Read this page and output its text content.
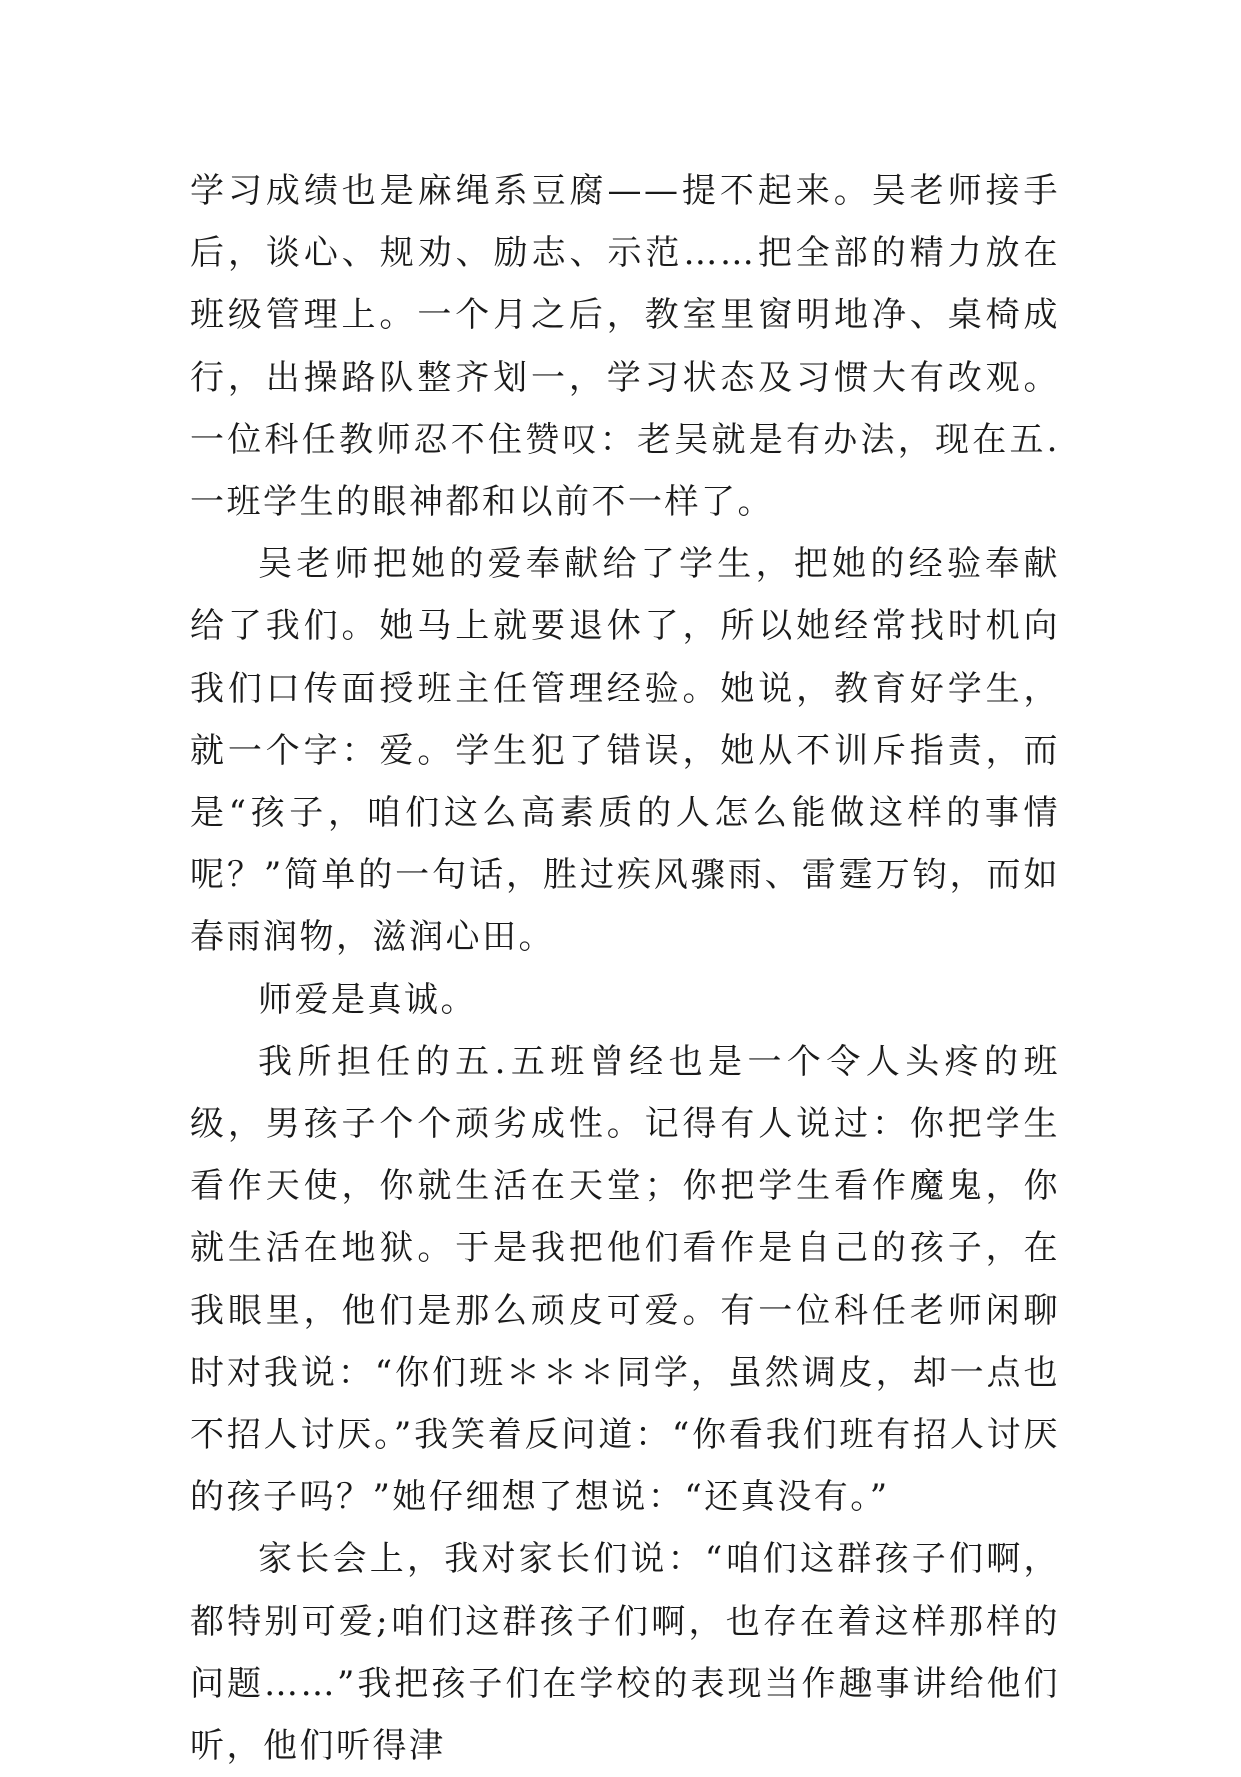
学习成绩也是麻绳系豆腐——提不起来。吴老师接手后，谈心、规劝、励志、示范……把全部的精力放在班级管理上。一个月之后，教室里窗明地净、桌椅成行，出操路队整齐划一，学习状态及习惯大有改观。一位科任教师忍不住赞叹：老吴就是有办法，现在五.一班学生的眼神都和以前不一样了。

吴老师把她的爱奉献给了学生，把她的经验奉献给了我们。她马上就要退休了，所以她经常找时机向我们口传面授班主任管理经验。她说，教育好学生，就一个字：爱。学生犯了错误，她从不训斥指责，而是“孩子，咱们这么高素质的人怎么能做这样的事情呢？”简单的一句话，胜过疾风骤雨、雷霆万钧，而如春雨润物，滋润心田。

师爱是真诚。

我所担任的五.五班曾经也是一个令人头疼的班级，男孩子个个顽劣成性。记得有人说过：你把学生看作天使，你就生活在天堂；你把学生看作魔鬼，你就生活在地狱。于是我把他们看作是自己的孩子，在我眼里，他们是那么顽皮可爱。有一位科任老师闲聊时对我说：“你们班＊＊＊同学，虽然调皮，却一点也不招人讨厌。”我笑着反问道：“你看我们班有招人讨厌的孩子吗？”她仔细想了想说：“还真没有。”

家长会上，我对家长们说：“咱们这群孩子们啊，都特别可爱;咱们这群孩子们啊，也存在着这样那样的问题……”我把孩子们在学校的表现当作趣事讲给他们听，他们听得津
